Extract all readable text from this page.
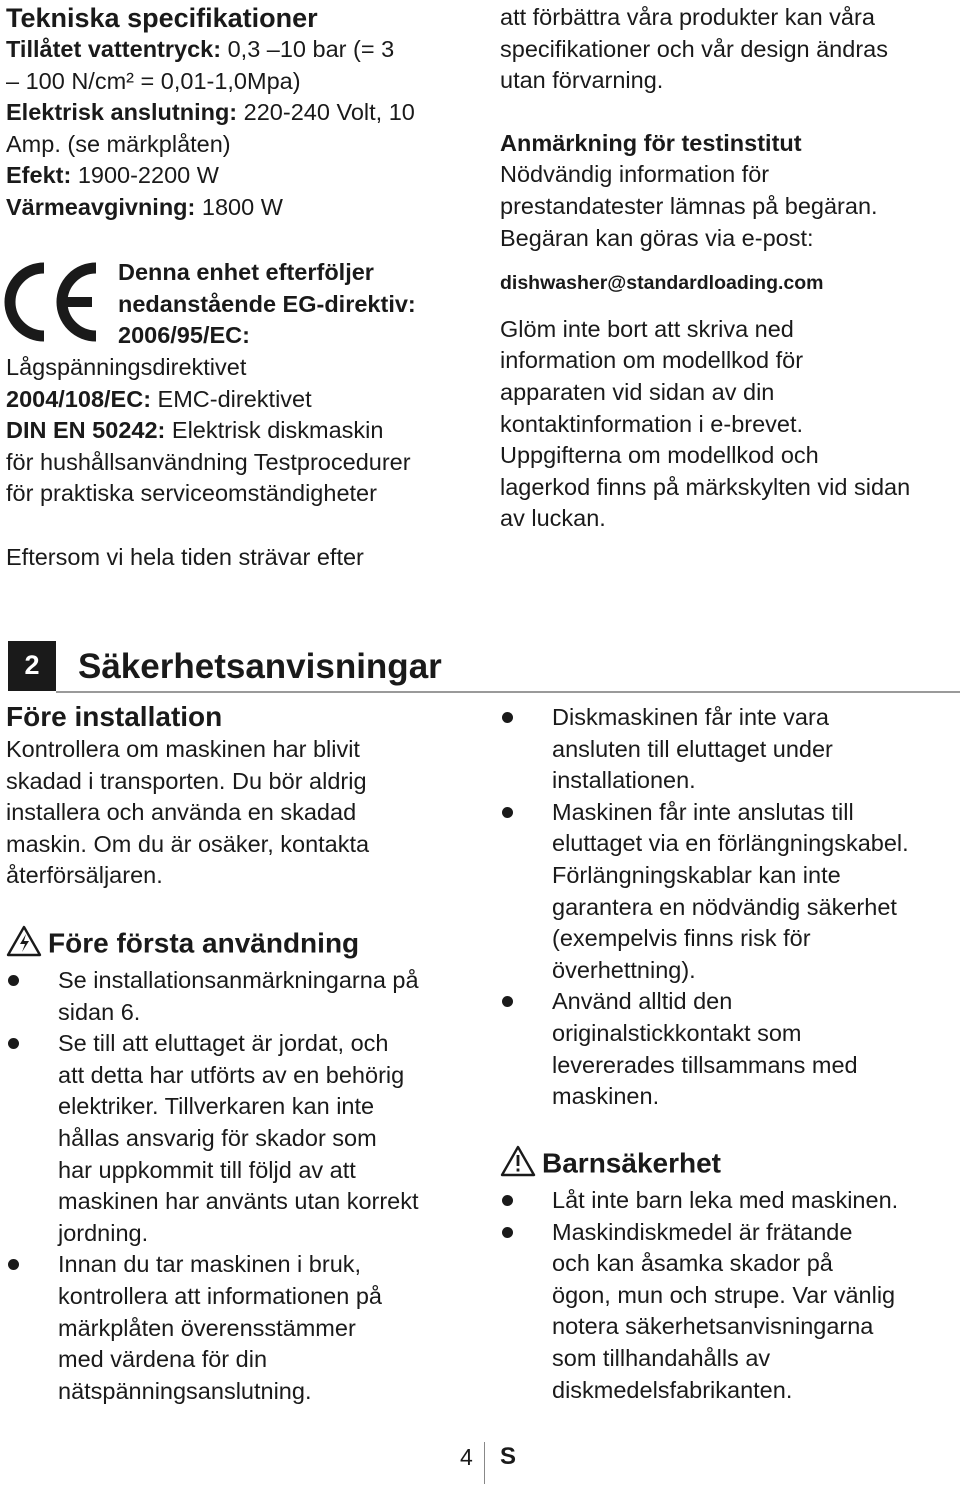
Tekniska specifikationer
Tillåtet vattentryck: 0,3 –10 bar (= 3
– 100 N/cm² = 0,01-1,0Mpa)
Elektrisk anslutning: 220-240 Volt, 10
Amp. (se märkplåten)
Efekt: 1900-2200 W
Värmeavgivning: 1800 W
Denna enhet efterföljer
nedanstående EG-direktiv:
2006/95/EC:
Lågspänningsdirektivet
2004/108/EC: EMC-direktivet
DIN EN 50242: Elektrisk diskmaskin
för hushållsanvändning Testprocedurer
för praktiska serviceomständigheter
Eftersom vi hela tiden strävar efter
att förbättra våra produkter kan våra
specifikationer och vår design ändras
utan förvarning.
Anmärkning för testinstitut
Nödvändig information för
prestandatester lämnas på begäran.
Begäran kan göras via e-post:
dishwasher@standardloading.com
Glöm inte bort att skriva ned
information om modellkod för
apparaten vid sidan av din
kontaktinformation i e-brevet.
Uppgifterna om modellkod och
lagerkod finns på märkskylten vid sidan
av luckan.
2	Säkerhetsanvisningar
Före installation
Kontrollera om maskinen har blivit
skadad i transporten. Du bör aldrig
installera och använda en skadad
maskin. Om du är osäker, kontakta
återförsäljaren.
Före första användning
Se installationsanmärkningarna på
sidan 6.
Se till att eluttaget är jordat, och
att detta har utförts av en behörig
elektriker. Tillverkaren kan inte
hållas ansvarig för skador som
har uppkommit till följd av att
maskinen har använts utan korrekt
jordning.
Innan du tar maskinen i bruk,
kontrollera att informationen på
märkplåten överensstämmer
med värdena för din
nätspänningsanslutning.
Diskmaskinen får inte vara
ansluten till eluttaget under
installationen.
Maskinen får inte anslutas till
eluttaget via en förlängningskabel.
Förlängningskablar kan inte
garantera en nödvändig säkerhet
(exempelvis finns risk för
överhettning).
Använd alltid den
originalstickkontakt som
levererades tillsammans med
maskinen.
Barnsäkerhet
Låt inte barn leka med maskinen.
Maskindiskmedel är frätande
och kan åsamka skador på
ögon, mun och strupe. Var vänlig
notera säkerhetsanvisningarna
som tillhandahålls av
diskmedelsfabrikanten.
4 S
